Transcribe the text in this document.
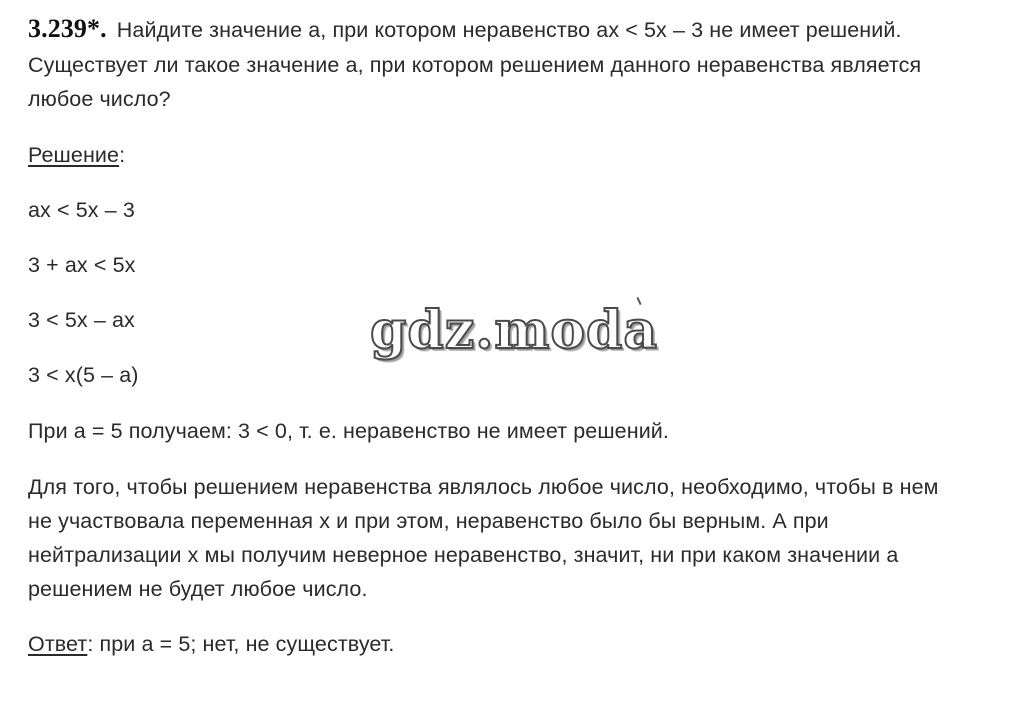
3.239*. Найдите значение а, при котором неравенство ах < 5х – 3 не имеет решений.

Существует ли такое значение а, при котором решением данного неравенства является

любое число?

Решение:

ах < 5х – 3

3 + ах < 5х

3 < 5х – ах

3 < х(5 – а)

При а = 5 получаем: 3 < 0, т. е. неравенство не имеет решений.

Для того, чтобы решением неравенства являлось любое число, необходимо, чтобы в нем

не участвовала переменная х и при этом, неравенство было бы верным. А при

нейтрализации х мы получим неверное неравенство, значит, ни при каком значении а

решением не будет любое число.

Ответ: при а = 5; нет, не существует.

gdz.moda
